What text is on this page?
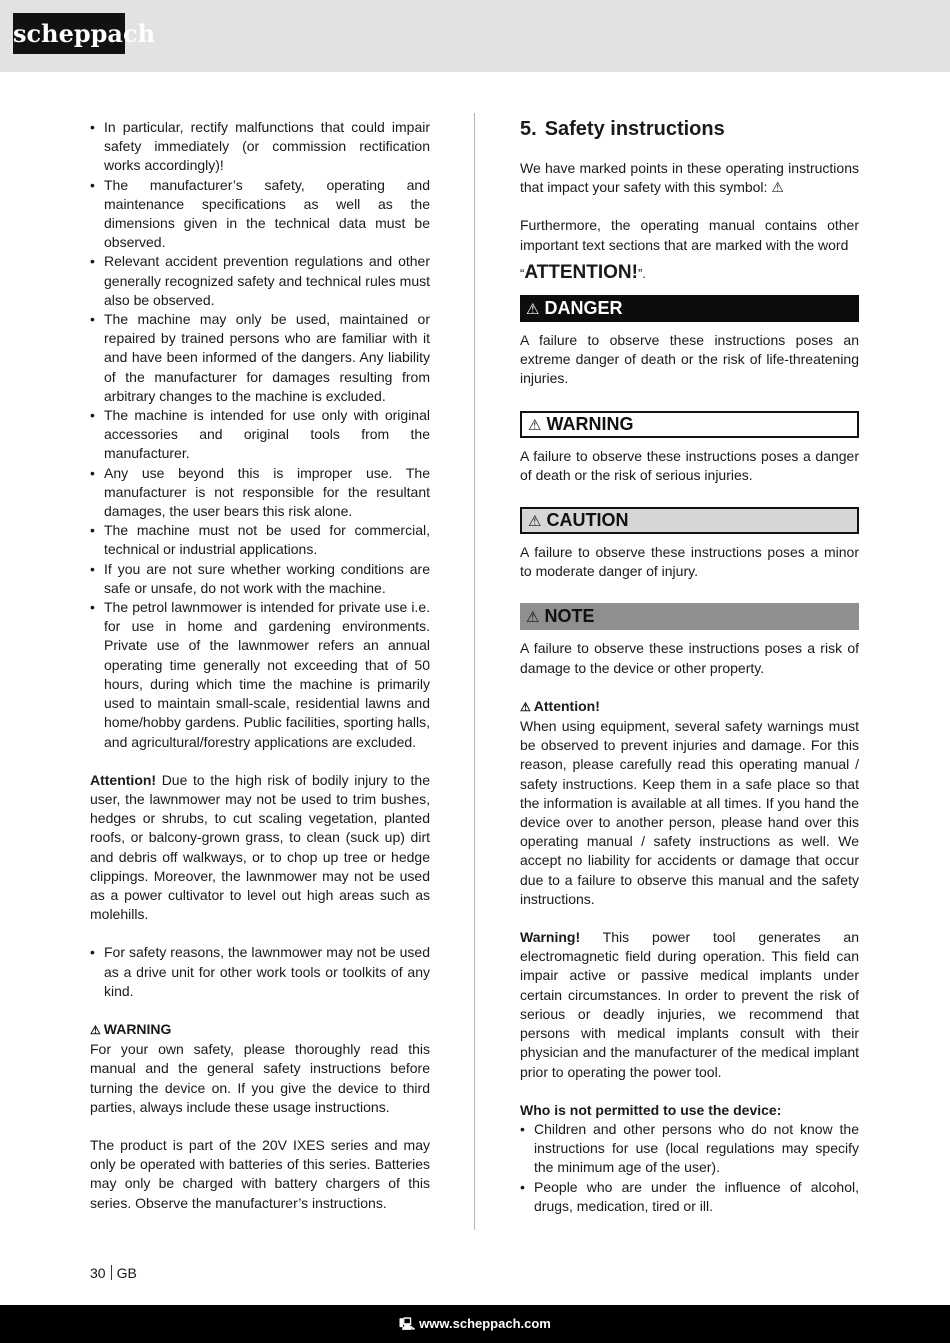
scheppach
• In particular, rectify malfunctions that could impair safety immediately (or commission rectification works accordingly)!
• The manufacturer’s safety, operating and maintenance specifications as well as the dimensions given in the technical data must be observed.
• Relevant accident prevention regulations and other generally recognized safety and technical rules must also be observed.
• The machine may only be used, maintained or repaired by trained persons who are familiar with it and have been informed of the dangers. Any liability of the manufacturer for damages resulting from arbitrary changes to the machine is excluded.
• The machine is intended for use only with original accessories and original tools from the manufacturer.
• Any use beyond this is improper use. The manufacturer is not responsible for the resultant damages, the user bears this risk alone.
• The machine must not be used for commercial, technical or industrial applications.
• If you are not sure whether working conditions are safe or unsafe, do not work with the machine.
• The petrol lawnmower is intended for private use i.e. for use in home and gardening environments. Private use of the lawnmower refers an annual operating time generally not exceeding that of 50 hours, during which time the machine is primarily used to maintain small-scale, residential lawns and home/hobby gardens. Public facilities, sporting halls, and agricultural/forestry applications are excluded.

Attention! Due to the high risk of bodily injury to the user, the lawnmower may not be used to trim bushes, hedges or shrubs, to cut scaling vegetation, planted roofs, or balcony-grown grass, to clean (suck up) dirt and debris off walkways, or to chop up tree or hedge clippings. Moreover, the lawnmower may not be used as a power cultivator to level out high areas such as molehills.

• For safety reasons, the lawnmower may not be used as a drive unit for other work tools or toolkits of any kind.
⚠ WARNING

For your own safety, please thoroughly read this manual and the general safety instructions before turning the device on. If you give the device to third parties, always include these usage instructions.

The product is part of the 20V IXES series and may only be operated with batteries of this series. Batteries may only be charged with battery chargers of this series. Observe the manufacturer’s instructions.

5. Safety instructions

We have marked points in these operating instructions that impact your safety with this symbol: ⚠

Furthermore, the operating manual contains other important text sections that are marked with the word

“ATTENTION!”.
⚠ DANGER

A failure to observe these instructions poses an extreme danger of death or the risk of life-threatening injuries.

⚠ WARNING

A failure to observe these instructions poses a danger of death or the risk of serious injuries.

⚠ CAUTION

A failure to observe these instructions poses a minor to moderate danger of injury.

⚠ NOTE

A failure to observe these instructions poses a risk of damage to the device or other property.

⚠ Attention!

When using equipment, several safety warnings must be observed to prevent injuries and damage. For this reason, please carefully read this operating manual / safety instructions. Keep them in a safe place so that the information is available at all times. If you hand the device over to another person, please hand over this operating manual / safety instructions as well. We accept no liability for accidents or damage that occur due to a failure to observe this manual and the safety instructions.

Warning! This power tool generates an electromagnetic field during operation. This field can impair active or passive medical implants under certain circumstances. In order to prevent the risk of serious or deadly injuries, we recommend that persons with medical implants consult with their physician and the manufacturer of the medical implant prior to operating the power tool.

Who is not permitted to use the device:
• Children and other persons who do not know the instructions for use (local regulations may specify the minimum age of the user).
• People who are under the influence of alcohol, drugs, medication, tired or ill.
30 GB
🖳 www.scheppach.com
